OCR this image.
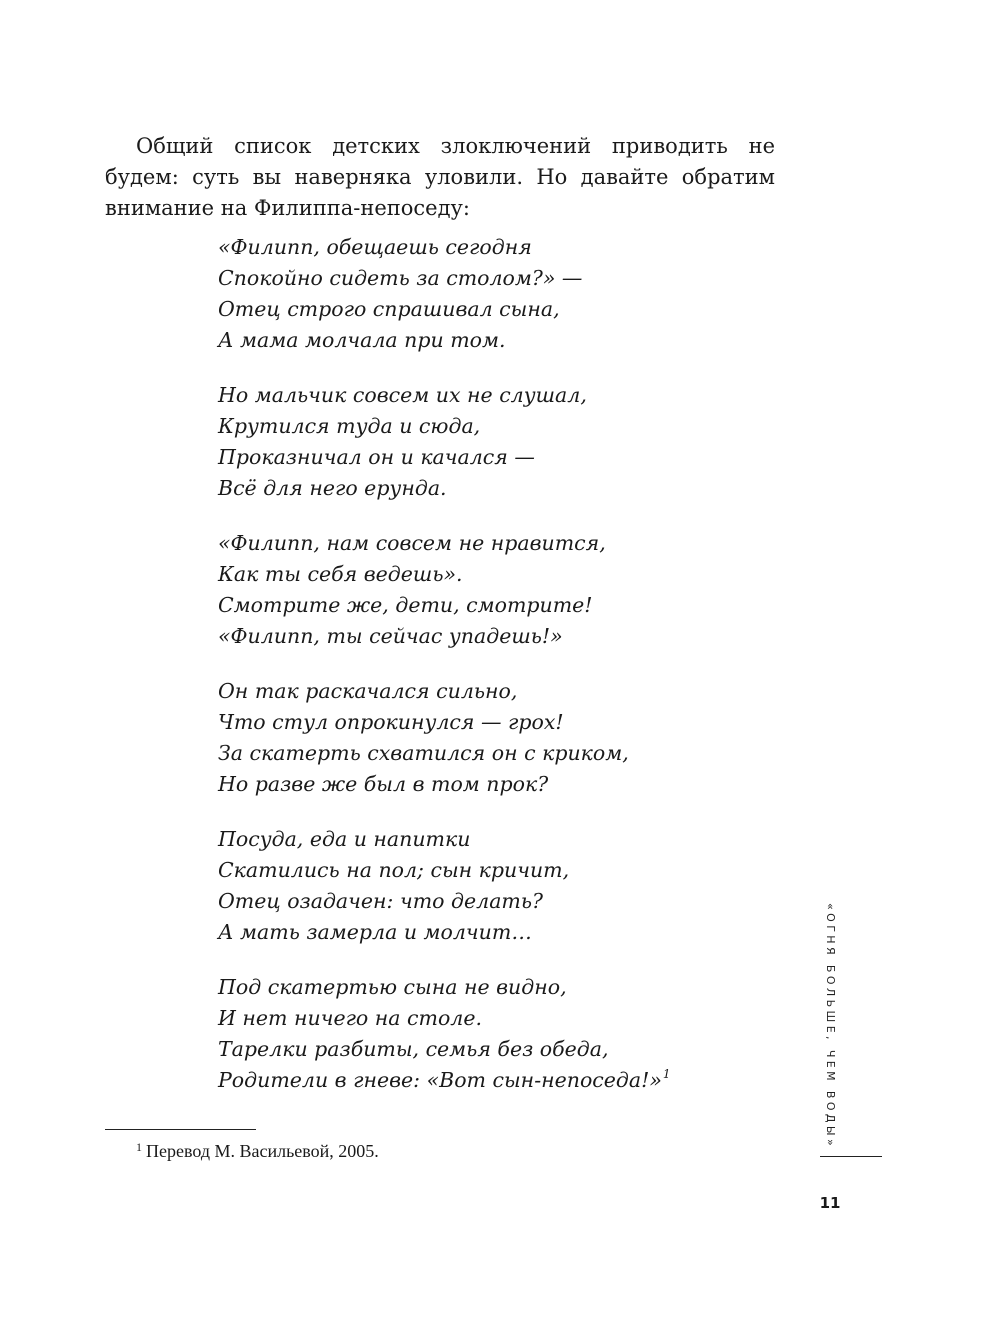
Общий список детских злоключений приводить не будем: суть вы наверняка уловили. Но давайте обратим внимание на Филиппа-непоседу:

«Филипп, обещаешь сегодня
Спокойно сидеть за столом?» —
Отец строго спрашивал сына,
А мама молчала при том.
Но мальчик совсем их не слушал,
Крутился туда и сюда,
Проказничал он и качался —
Всё для него ерунда.
«Филипп, нам совсем не нравится,
Как ты себя ведешь».
Смотрите же, дети, смотрите!
«Филипп, ты сейчас упадешь!»
Он так раскачался сильно,
Что стул опрокинулся — грох!
За скатерть схватился он с криком,
Но разве же был в том прок?
Посуда, еда и напитки
Скатились на пол; сын кричит,
Отец озадачен: что делать?
А мать замерла и молчит…
Под скатертью сына не видно,
И нет ничего на столе.
Тарелки разбиты, семья без обеда,
Родители в гневе: «Вот сын-непоседа!»$^1$
$^1$ Перевод М. Васильевой, 2005.
«ОГНЯ БОЛЬШЕ, ЧЕМ ВОДЫ»
11
